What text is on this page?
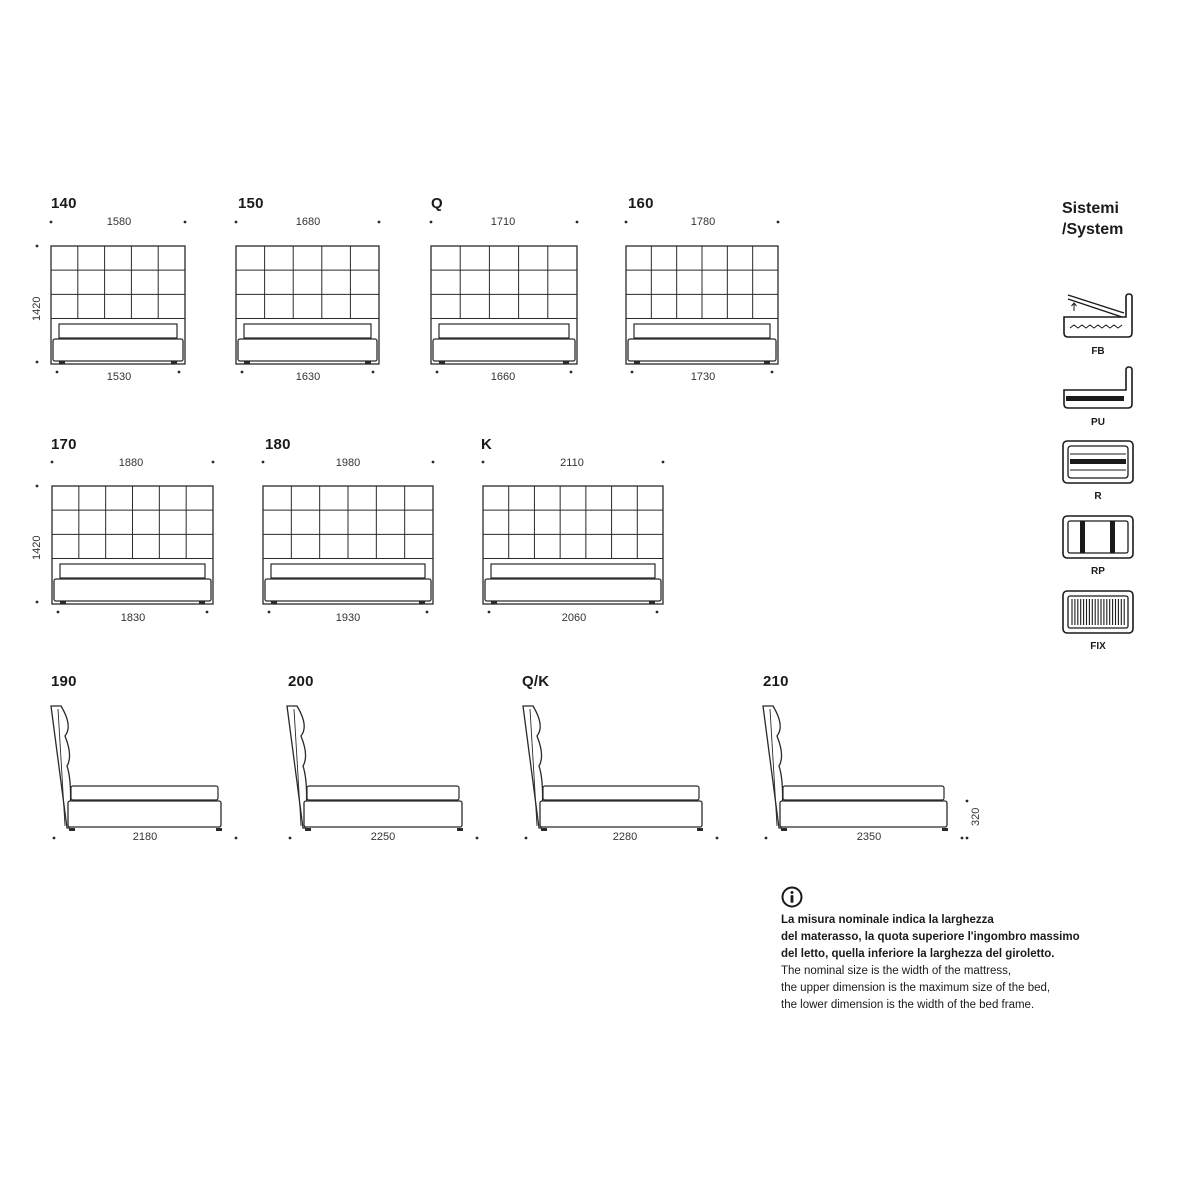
140
1580
1420
1530
150
1680
1630
Q
1710
1660
160
1780
1730
170
1880
1420
1830
180
1980
1930
K
2110
2060
190
2180
200
2250
Q/K
2280
210
2350
320
Sistemi
/System
FB
PU
R
RP
FIX
La misura nominale indica la larghezza
del materasso, la quota superiore l'ingombro massimo
del letto, quella inferiore la larghezza del giroletto.
The nominal size is the width of the mattress,
the upper dimension is the maximum size of the bed,
the lower dimension is the width of the bed frame.
